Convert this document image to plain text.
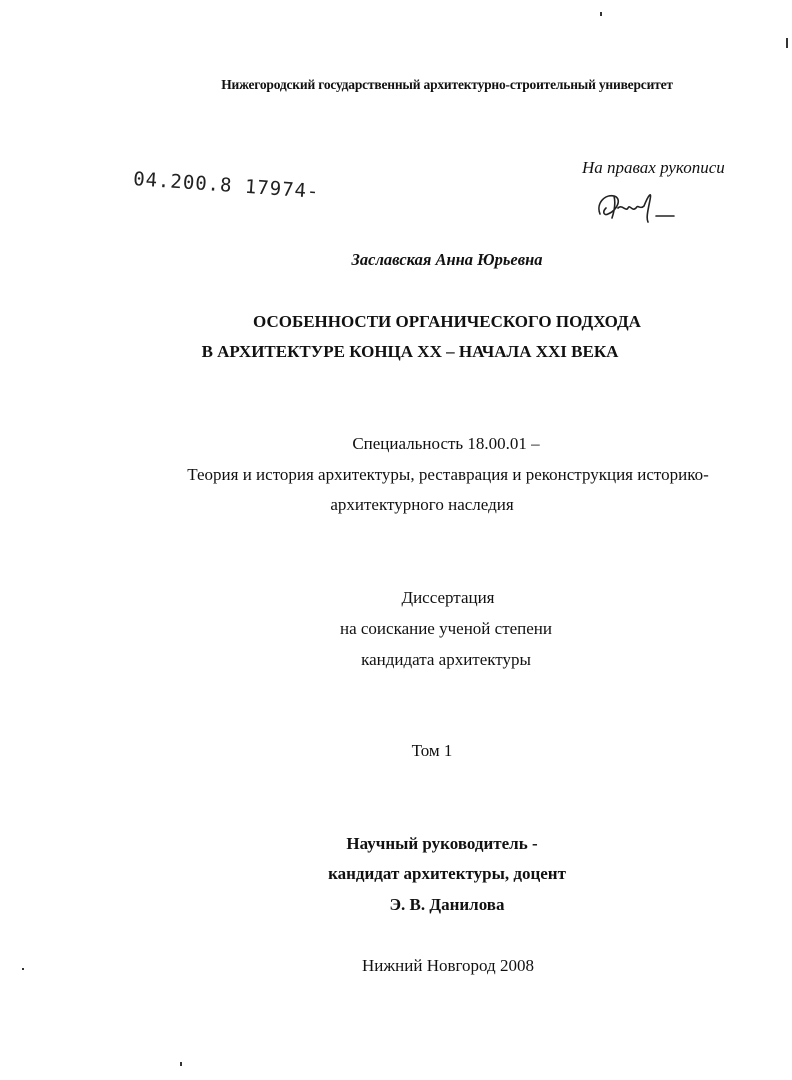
Нижегородский государственный архитектурно-строительный университет
04.200.8 17974-
На правах рукописи
Заславская Анна Юрьевна
ОСОБЕННОСТИ ОРГАНИЧЕСКОГО ПОДХОДА
В АРХИТЕКТУРЕ КОНЦА XX – НАЧАЛА XXI ВЕКА
Специальность 18.00.01 –
Теория и история архитектуры, реставрация и реконструкция историко-
архитектурного наследия
Диссертация
на соискание ученой степени
кандидата архитектуры
Том 1
Научный руководитель -
кандидат архитектуры, доцент
Э. В. Данилова
Нижний Новгород 2008
